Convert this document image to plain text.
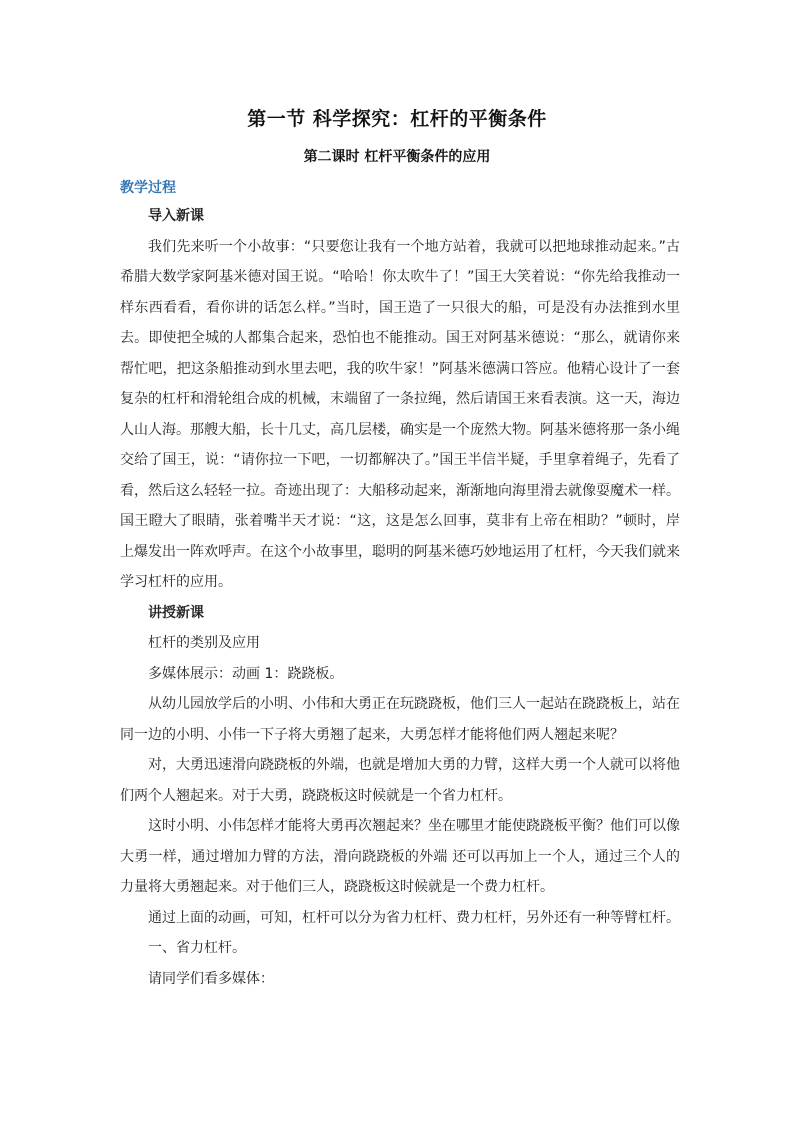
第一节 科学探究：杠杆的平衡条件
第二课时 杠杆平衡条件的应用
教学过程

导入新课

我们先来听一个小故事：“只要您让我有一个地方站着，我就可以把地球推动起来。”古希腊大数学家阿基米德对国王说。“哈哈！你太吹牛了！”国王大笑着说：“你先给我推动一样东西看看，看你讲的话怎么样。”当时，国王造了一只很大的船，可是没有办法推到水里去。即使把全城的人都集合起来，恐怕也不能推动。国王对阿基米德说：“那么，就请你来帮忙吧，把这条船推动到水里去吧，我的吹牛家！”阿基米德满口答应。他精心设计了一套复杂的杠杆和滑轮组合成的机械，末端留了一条拉绳，然后请国王来看表演。这一天，海边人山人海。那艘大船，长十几丈，高几层楼，确实是一个庞然大物。阿基米德将那一条小绳交给了国王，说：“请你拉一下吧，一切都解决了。”国王半信半疑，手里拿着绳子，先看了看，然后这么轻轻一拉。奇迹出现了：大船移动起来，渐渐地向海里滑去就像耍魔术一样。国王瞪大了眼睛，张着嘴半天才说：“这，这是怎么回事，莫非有上帝在相助？”顿时，岸上爆发出一阵欢呼声。在这个小故事里，聪明的阿基米德巧妙地运用了杠杆，今天我们就来学习杠杆的应用。

讲授新课

杠杆的类别及应用

多媒体展示：动画 1：跷跷板。

从幼儿园放学后的小明、小伟和大勇正在玩跷跷板，他们三人一起站在跷跷板上，站在同一边的小明、小伟一下子将大勇翘了起来，大勇怎样才能将他们两人翘起来呢？

对，大勇迅速滑向跷跷板的外端，也就是增加大勇的力臂，这样大勇一个人就可以将他们两个人翘起来。对于大勇，跷跷板这时候就是一个省力杠杆。

这时小明、小伟怎样才能将大勇再次翘起来？坐在哪里才能使跷跷板平衡？他们可以像大勇一样，通过增加力臂的方法，滑向跷跷板的外端 还可以再加上一个人，通过三个人的力量将大勇翘起来。对于他们三人，跷跷板这时候就是一个费力杠杆。

通过上面的动画，可知，杠杆可以分为省力杠杆、费力杠杆，另外还有一种等臂杠杆。

一、省力杠杆。

请同学们看多媒体：
